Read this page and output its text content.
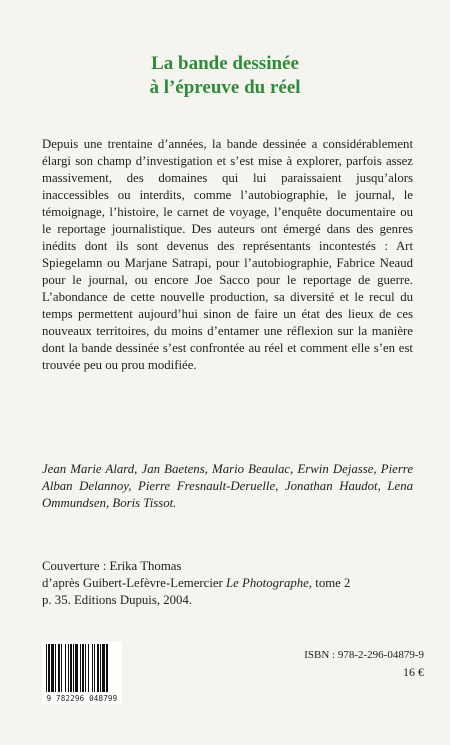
La bande dessinée
à l’épreuve du réel

Depuis une trentaine d’années, la bande dessinée a considérablement élargi son champ d’investigation et s’est mise à explorer, parfois assez massivement, des domaines qui lui paraissaient jusqu’alors inaccessibles ou interdits, comme l’autobiographie, le journal, le témoignage, l’histoire, le carnet de voyage, l’enquête documentaire ou le reportage journalistique. Des auteurs ont émergé dans des genres inédits dont ils sont devenus des représentants incontestés : Art Spiegelamn ou Marjane Satrapi, pour l’autobiographie, Fabrice Neaud pour le journal, ou encore Joe Sacco pour le reportage de guerre. L’abondance de cette nouvelle production, sa diversité et le recul du temps permettent aujourd’hui sinon de faire un état des lieux de ces nouveaux territoires, du moins d’entamer une réflexion sur la manière dont la bande dessinée s’est confrontée au réel et comment elle s’en est trouvée peu ou prou modifiée.

Jean Marie Alard, Jan Baetens, Mario Beaulac, Erwin Dejasse, Pierre Alban Delannoy, Pierre Fresnault-Deruelle, Jonathan Haudot, Lena Ommundsen, Boris Tissot.

Couverture : Erika Thomas
d’après Guibert-Lefèvre-Lemercier Le Photographe, tome 2
p. 35. Editions Dupuis, 2004.
9 782296 048799
ISBN : 978-2-296-04879-9
16 €
